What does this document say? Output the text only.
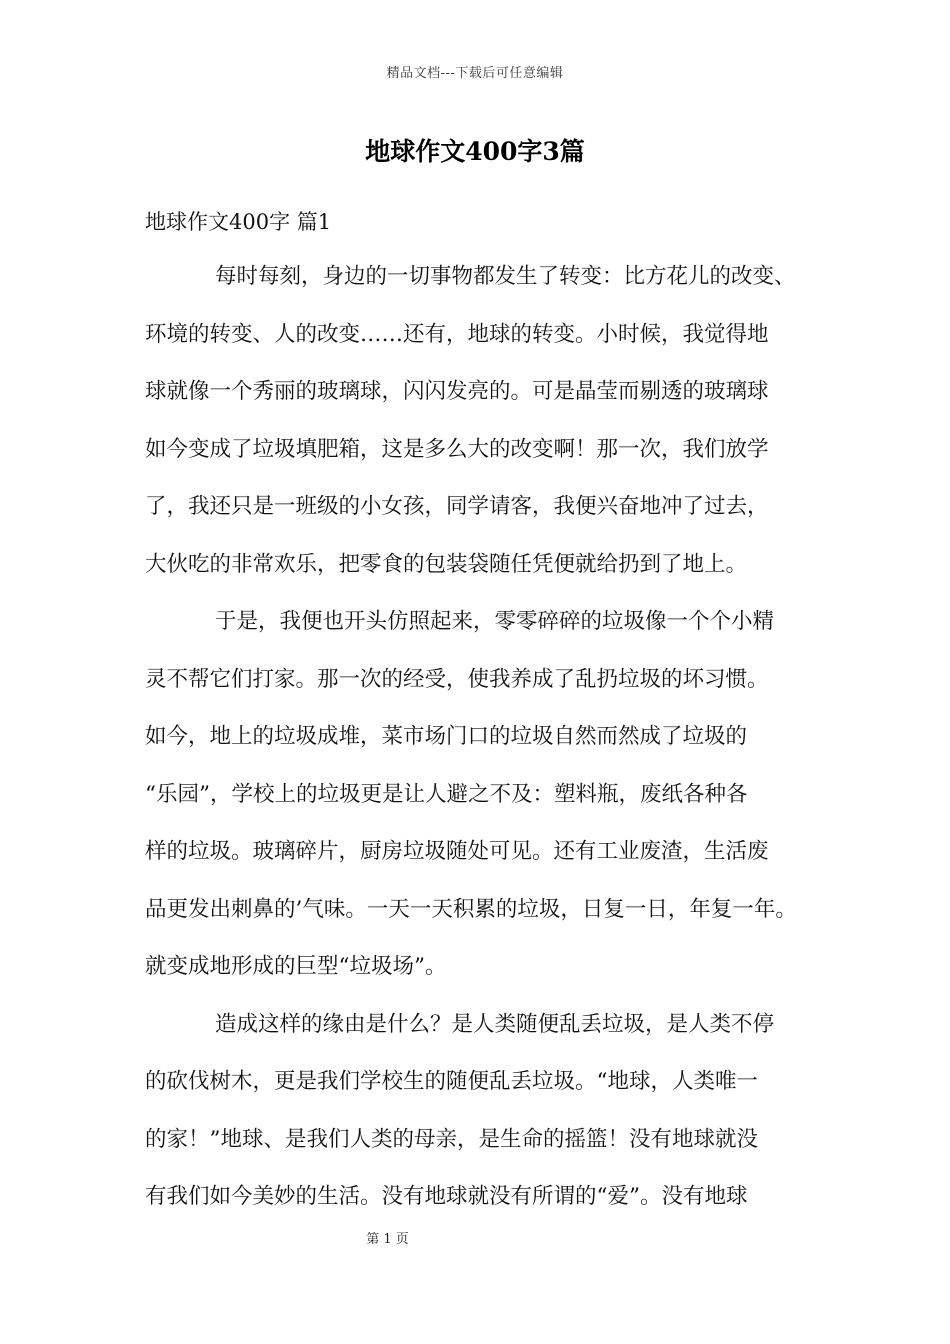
精品文档---下载后可任意编辑
地球作文400字3篇
地球作文400字 篇1
每时每刻，身边的一切事物都发生了转变：比方花儿的改变、
环境的转变、人的改变……还有，地球的转变。小时候，我觉得地
球就像一个秀丽的玻璃球，闪闪发亮的。可是晶莹而剔透的玻璃球
如今变成了垃圾填肥箱，这是多么大的改变啊！那一次，我们放学
了，我还只是一班级的小女孩，同学请客，我便兴奋地冲了过去，
大伙吃的非常欢乐，把零食的包装袋随任凭便就给扔到了地上。
于是，我便也开头仿照起来，零零碎碎的垃圾像一个个小精
灵不帮它们打家。那一次的经受，使我养成了乱扔垃圾的坏习惯。
如今，地上的垃圾成堆，菜市场门口的垃圾自然而然成了垃圾的
“乐园”，学校上的垃圾更是让人避之不及：塑料瓶，废纸各种各
样的垃圾。玻璃碎片，厨房垃圾随处可见。还有工业废渣，生活废
品更发出刺鼻的’气味。一天一天积累的垃圾，日复一日，年复一年。
就变成地形成的巨型“垃圾场”。
造成这样的缘由是什么？是人类随便乱丢垃圾，是人类不停
的砍伐树木，更是我们学校生的随便乱丢垃圾。“地球，人类唯一
的家！”地球、是我们人类的母亲，是生命的摇篮！没有地球就没
有我们如今美妙的生活。没有地球就没有所谓的“爱”。没有地球
第 1 页
